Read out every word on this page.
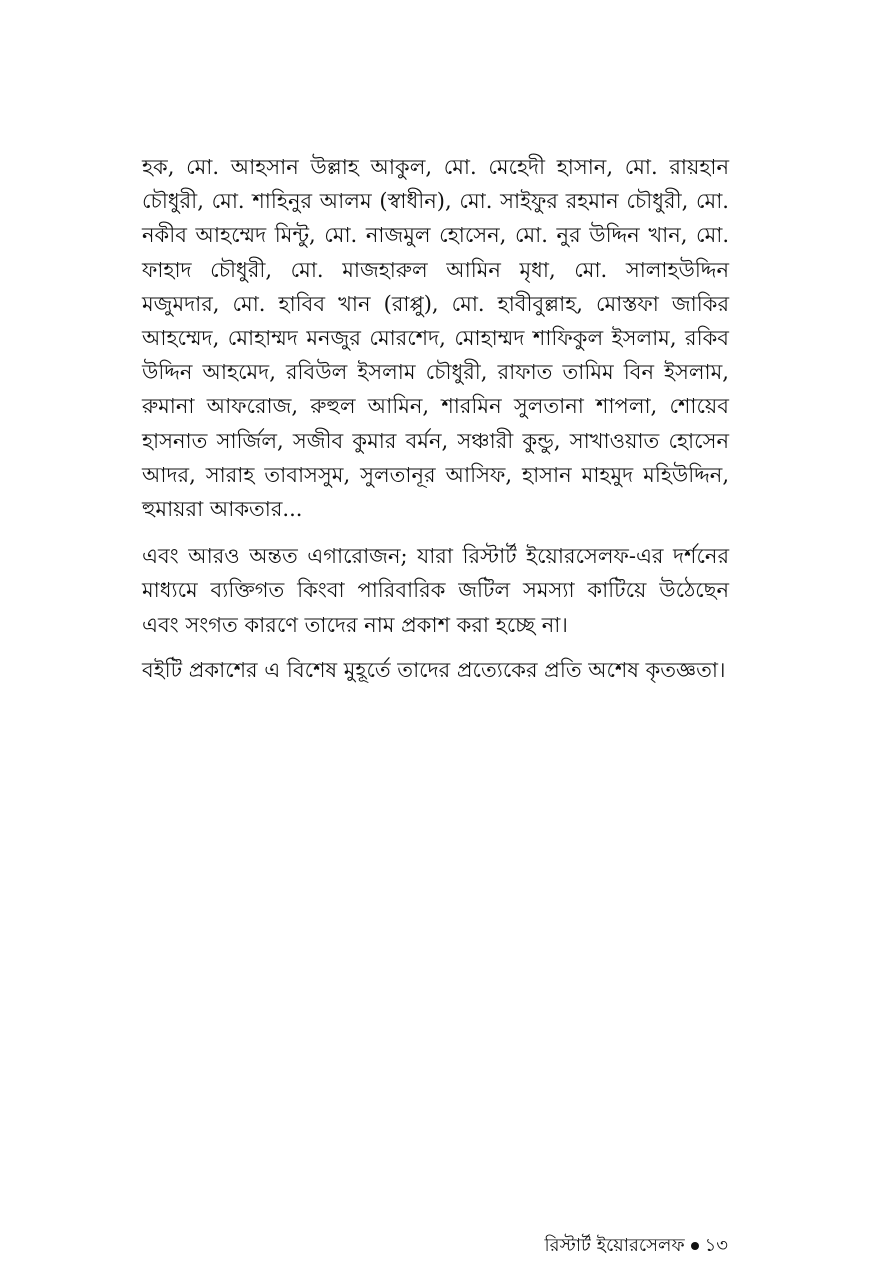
হক, মো. আহসান উল্লাহ আকুল, মো. মেহেদী হাসান, মো. রায়হান চৌধুরী, মো. শাহিনুর আলম (স্বাধীন), মো. সাইফুর রহমান চৌধুরী, মো. নকীব আহম্মেদ মিন্টু, মো. নাজমুল হোসেন, মো. নুর উদ্দিন খান, মো. ফাহাদ চৌধুরী, মো. মাজহারুল আমিন মৃধা, মো. সালাহউদ্দিন মজুমদার, মো. হাবিব খান (রাপ্পু), মো. হাবীবুল্লাহ, মোস্তফা জাকির আহম্মেদ, মোহাম্মদ মনজুর মোরশেদ, মোহাম্মদ শাফিকুল ইসলাম, রকিব উদ্দিন আহমেদ, রবিউল ইসলাম চৌধুরী, রাফাত তামিম বিন ইসলাম, রুমানা আফরোজ, রুহুল আমিন, শারমিন সুলতানা শাপলা, শোয়েব হাসনাত সার্জিল, সজীব কুমার বর্মন, সঞ্চারী কুন্ডু, সাখাওয়াত হোসেন আদর, সারাহ তাবাসসুম, সুলতানূর আসিফ, হাসান মাহমুদ মহিউদ্দিন, হুমায়রা আকতার...

এবং আরও অন্তত এগারোজন; যারা রিস্টার্ট ইয়োরসেলফ-এর দর্শনের মাধ্যমে ব্যক্তিগত কিংবা পারিবারিক জটিল সমস্যা কাটিয়ে উঠেছেন এবং সংগত কারণে তাদের নাম প্রকাশ করা হচ্ছে না।

বইটি প্রকাশের এ বিশেষ মুহূর্তে তাদের প্রত্যেকের প্রতি অশেষ কৃতজ্ঞতা।

রিস্টার্ট ইয়োরসেলফ ১৩
